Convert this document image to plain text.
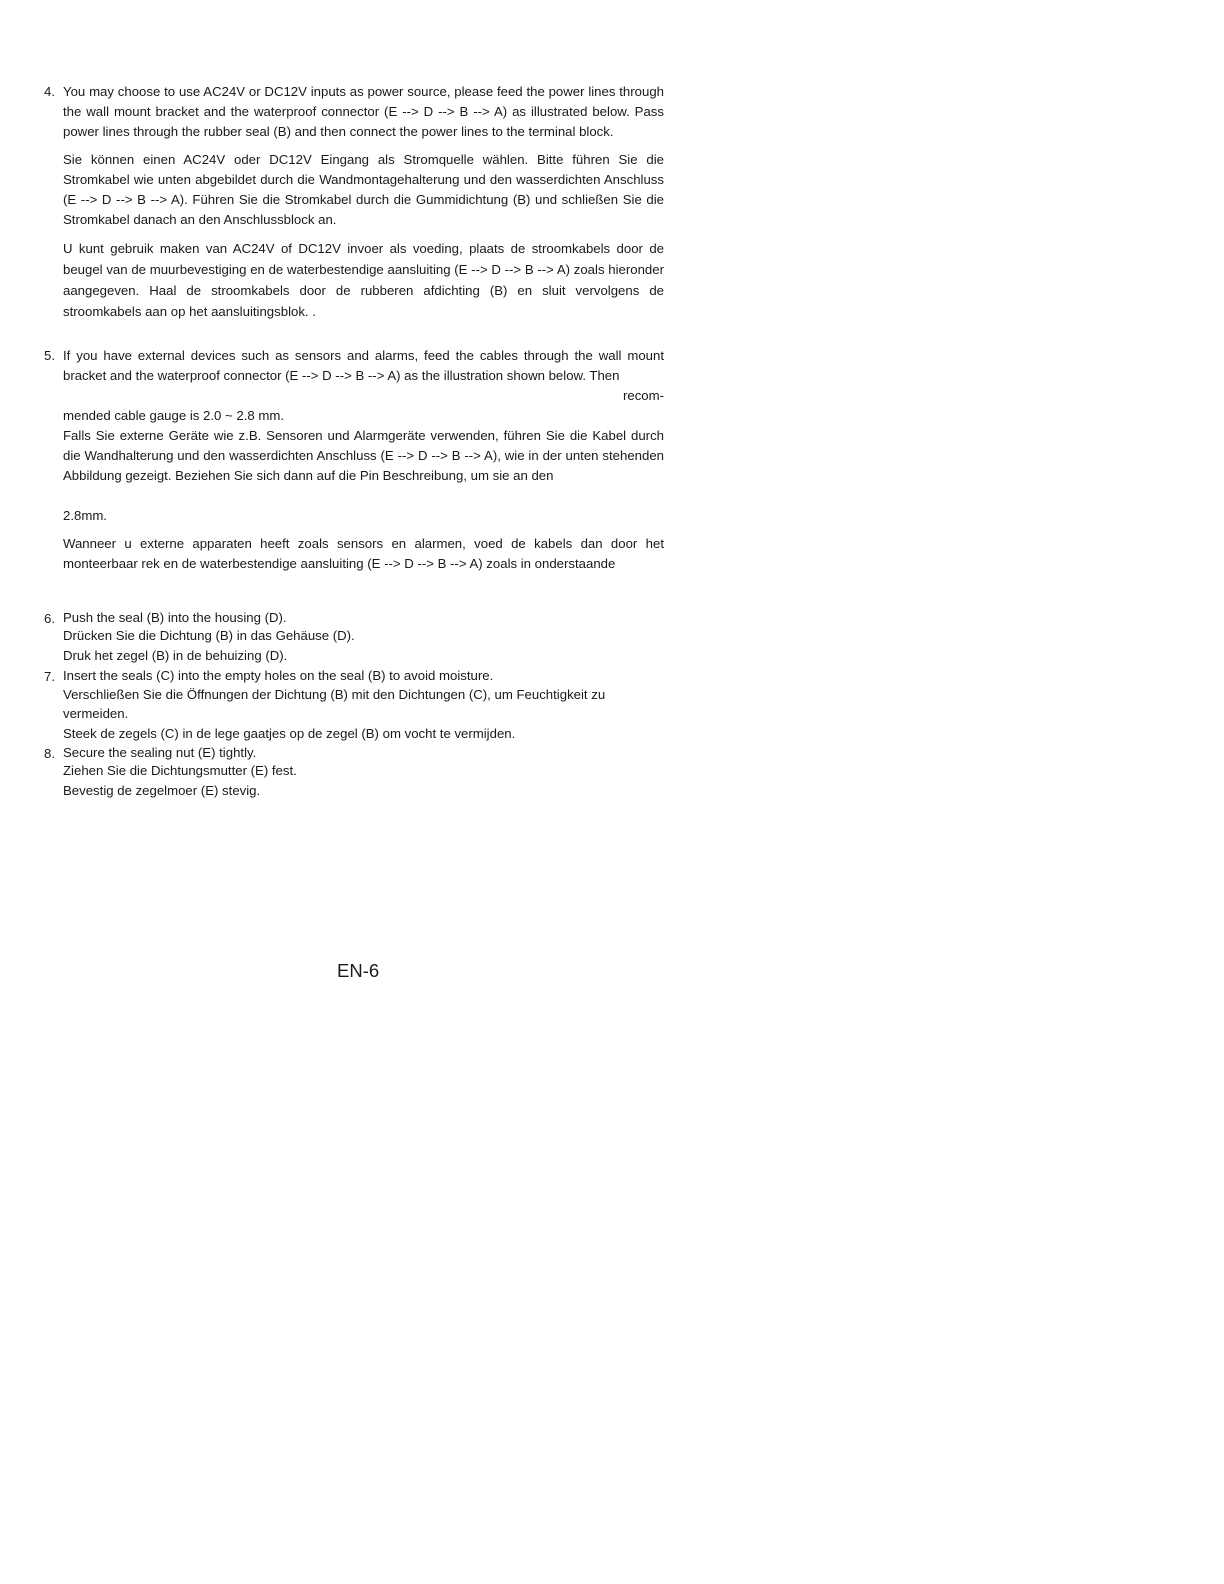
4. You may choose to use AC24V or DC12V inputs as power source, please feed the power lines through the wall mount bracket and the waterproof connector (E --> D --> B --> A) as illustrated below. Pass power lines through the rubber seal (B) and then connect the power lines to the terminal block.

Sie können einen AC24V oder DC12V Eingang als Stromquelle wählen. Bitte führen Sie die Stromkabel wie unten abgebildet durch die Wandmontagehalterung und den wasserdichten Anschluss (E --> D --> B --> A). Führen Sie die Stromkabel durch die Gummidichtung (B) und schließen Sie die Stromkabel danach an den Anschlussblock an.

U kunt gebruik maken van AC24V of DC12V invoer als voeding, plaats de stroomkabels door de beugel van de muurbevestiging en de waterbestendige aansluiting (E --> D --> B --> A) zoals hieronder aangegeven. Haal de stroomkabels door de rubberen afdichting (B) en sluit vervolgens de stroomkabels aan op het aansluitingsblok. .

5. If you have external devices such as sensors and alarms, feed the cables through the wall mount bracket and the waterproof connector (E --> D --> B --> A) as the illustration shown below. Then

recom-

mended cable gauge is 2.0 ~ 2.8 mm.

Falls Sie externe Geräte wie z.B. Sensoren und Alarmgeräte verwenden, führen Sie die Kabel durch die Wandhalterung und den wasserdichten Anschluss (E --> D --> B --> A), wie in der unten stehenden Abbildung gezeigt. Beziehen Sie sich dann auf die Pin Beschreibung, um sie an den

2.8mm.

Wanneer u externe apparaten heeft zoals sensors en alarmen, voed de kabels dan door het monteerbaar rek en de waterbestendige aansluiting (E --> D --> B --> A) zoals in onderstaande

6. Push the seal (B) into the housing (D).

Drücken Sie die Dichtung (B) in das Gehäuse (D).

Druk het zegel (B) in de behuizing (D).

7. Insert the seals (C) into the empty holes on the seal (B) to avoid moisture.

Verschließen Sie die Öffnungen der Dichtung (B) mit den Dichtungen (C), um Feuchtigkeit zu vermeiden.

Steek de zegels (C) in de lege gaatjes op de zegel (B) om vocht te vermijden.

8. Secure the sealing nut (E) tightly.

Ziehen Sie die Dichtungsmutter (E) fest.

Bevestig de zegelmoer (E) stevig.

EN-6
